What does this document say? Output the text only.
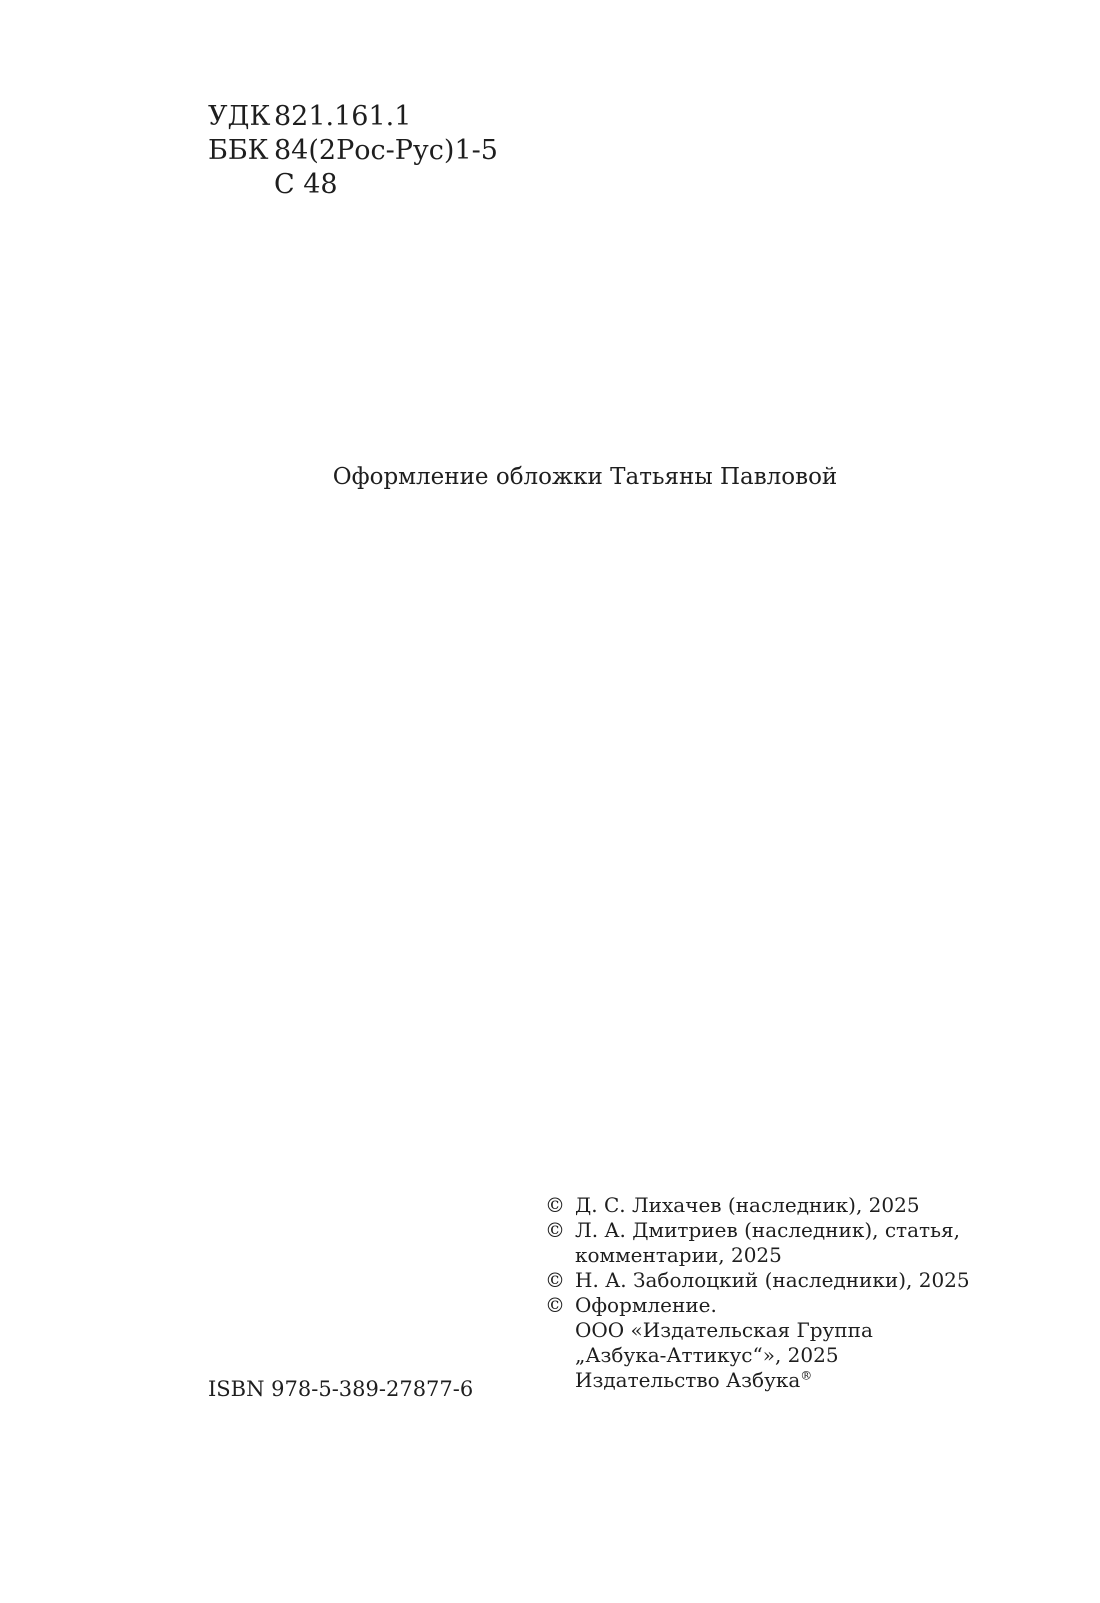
УДК 821.161.1
ББК 84(2Рос-Рус)1-5
С 48
Оформление обложки Татьяны Павловой
ISBN 978-5-389-27877-6
© Д. С. Лихачев (наследник), 2025
© Л. А. Дмитриев (наследник), статья,
комментарии, 2025
© Н. А. Заболоцкий (наследники), 2025
© Оформление.
ООО «Издательская Группа
„Азбука-Аттикус“», 2025
Издательство Азбука®
